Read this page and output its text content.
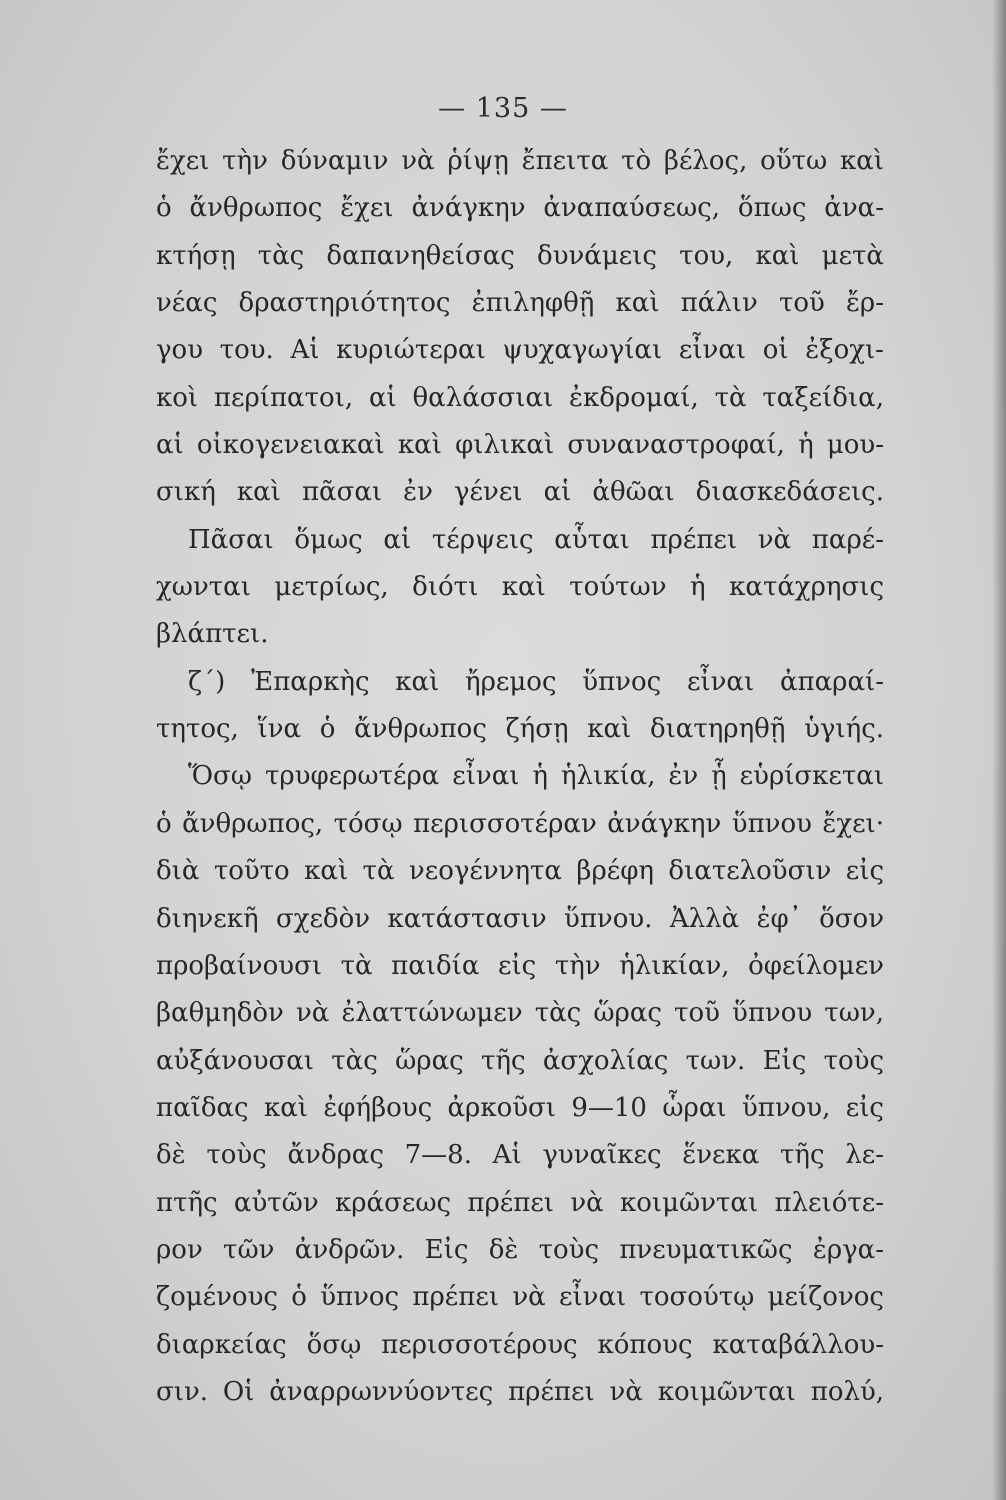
— 135 —
ἔχει τὴν δύναμιν νὰ ῥίψῃ ἔπειτα τὸ βέλος, οὕτω καὶ
ὁ ἄνθρωπος ἔχει ἀνάγκην ἀναπαύσεως, ὅπως ἀνα-
κτήσῃ τὰς δαπανηθείσας δυνάμεις του, καὶ μετὰ
νέας δραστηριότητος ἐπιληφθῇ καὶ πάλιν τοῦ ἔρ-
γου του. Αἱ κυριώτεραι ψυχαγωγίαι εἶναι οἱ ἐξοχι-
κοὶ περίπατοι, αἱ θαλάσσιαι ἐκδρομαί, τὰ ταξείδια,
αἱ οἰκογενειακαὶ καὶ φιλικαὶ συναναστροφαί, ἡ μου-
σική καὶ πᾶσαι ἐν γένει αἱ ἀθῶαι διασκεδάσεις.
Πᾶσαι ὅμως αἱ τέρψεις αὗται πρέπει νὰ παρέ-
χωνται μετρίως, διότι καὶ τούτων ἡ κατάχρησις
βλάπτει.
ζ΄) Ἐπαρκὴς καὶ ἤρεμος ὕπνος εἶναι ἀπαραί-
τητος, ἵνα ὁ ἄνθρωπος ζήσῃ καὶ διατηρηθῇ ὑγιής.
Ὅσῳ τρυφερωτέρα εἶναι ἡ ἡλικία, ἐν ᾗ εὑρίσκεται
ὁ ἄνθρωπος, τόσῳ περισσοτέραν ἀνάγκην ὕπνου ἔχει·
διὰ τοῦτο καὶ τὰ νεογέννητα βρέφη διατελοῦσιν εἰς
διηνεκῆ σχεδὸν κατάστασιν ὕπνου. Ἀλλὰ ἐφ᾽ ὅσον
προβαίνουσι τὰ παιδία εἰς τὴν ἡλικίαν, ὀφείλομεν
βαθμηδὸν νὰ ἐλαττώνωμεν τὰς ὥρας τοῦ ὕπνου των,
αὐξάνουσαι τὰς ὥρας τῆς ἀσχολίας των. Εἰς τοὺς
παῖδας καὶ ἐφήβους ἀρκοῦσι 9—10 ὧραι ὕπνου, εἰς
δὲ τοὺς ἄνδρας 7—8. Αἱ γυναῖκες ἕνεκα τῆς λε-
πτῆς αὐτῶν κράσεως πρέπει νὰ κοιμῶνται πλειότε-
ρον τῶν ἀνδρῶν. Εἰς δὲ τοὺς πνευματικῶς ἐργα-
ζομένους ὁ ὕπνος πρέπει νὰ εἶναι τοσούτῳ μείζονος
διαρκείας ὅσῳ περισσοτέρους κόπους καταβάλλου-
σιν. Οἱ ἀναρρωννύοντες πρέπει νὰ κοιμῶνται πολύ,
